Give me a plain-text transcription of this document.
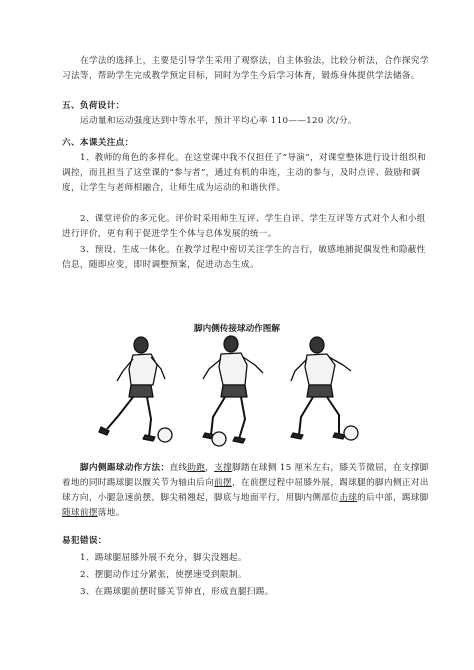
在学法的选择上，主要是引导学生采用了观察法，自主体验法，比较分析法，合作探究学习法等，帮助学生完成教学预定目标，同时为学生今后学习体育，锻炼身体提供学法储备。

五、负荷设计：

运动量和运动强度达到中等水平，预计平均心率 110——120 次/分。

六、本课关注点：

1、教师的角色的多样化。在这堂课中我不仅担任了“导演”，对课堂整体进行设计组织和调控，而且担当了这堂课的“参与者”，通过有机的串连，主动的参与，及时点评、鼓励和调度，让学生与老师相融合，让师生成为运动的和谐伙伴。

2、课堂评价的多元化。评价时采用师生互评、学生自评、学生互评等方式对个人和小组进行评价，更有利于促进学生个体与总体发展的统一。

3、预设、生成一体化。在教学过程中密切关注学生的言行，敏感地捕捉偶发性和隐蔽性信息，随即应变，即时调整预案，促进动态生成。

脚内侧传接球动作图解

脚内侧踢球动作方法：直线助跑，支撑脚踏在球侧 15 厘米左右，膝关节微屈，在支撑脚着地的同时踢球腿以髋关节为轴由后向前摆，在前摆过程中屈膝外展，踢球腿的脚内侧正对出球方向，小腿急速前摆，脚尖稍翘起，脚底与地面平行，用脚内侧部位击球的后中部，踢球脚随球前摆落地。

易犯错误：

1、踢球腿屈膝外展不充分，脚尖没翘起。

2、摆腿动作过分紧张，使摆速受到限制。

3、在踢球腿前摆时膝关节伸直，形成直腿扫踢。
